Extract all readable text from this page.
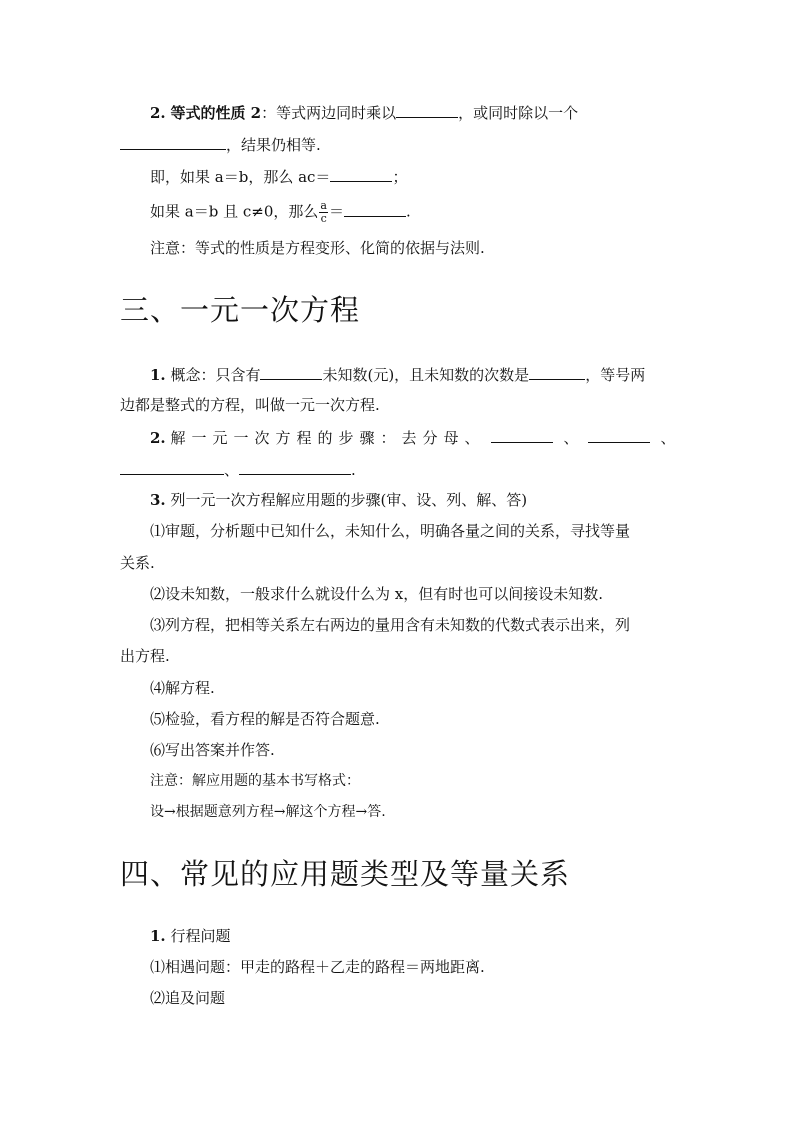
2. 等式的性质 2：等式两边同时乘以	，或同时除以一个
，结果仍相等.
即，如果 a＝b，那么 ac＝	；
如果 a＝b 且 c≠0，那么 $\frac{a}{c}$ ＝	.
注意：等式的性质是方程变形、化简的依据与法则.
三、一元一次方程
1. 概念：只含有	未知数(元)，且未知数的次数是	，等号两
边都是整式的方程，叫做一元一次方程.
2. 解一元一次方程的步骤：去分母、	、	、
、	.
3. 列一元一次方程解应用题的步骤(审、设、列、解、答)
⑴审题，分析题中已知什么，未知什么，明确各量之间的关系，寻找等量
关系.
⑵设未知数，一般求什么就设什么为 x，但有时也可以间接设未知数.
⑶列方程，把相等关系左右两边的量用含有未知数的代数式表示出来，列
出方程.
⑷解方程.
⑸检验，看方程的解是否符合题意.
⑹写出答案并作答.
注意：解应用题的基本书写格式：
设→根据题意列方程→解这个方程→答.
四、常见的应用题类型及等量关系
1. 行程问题
⑴相遇问题：甲走的路程＋乙走的路程＝两地距离.
⑵追及问题
